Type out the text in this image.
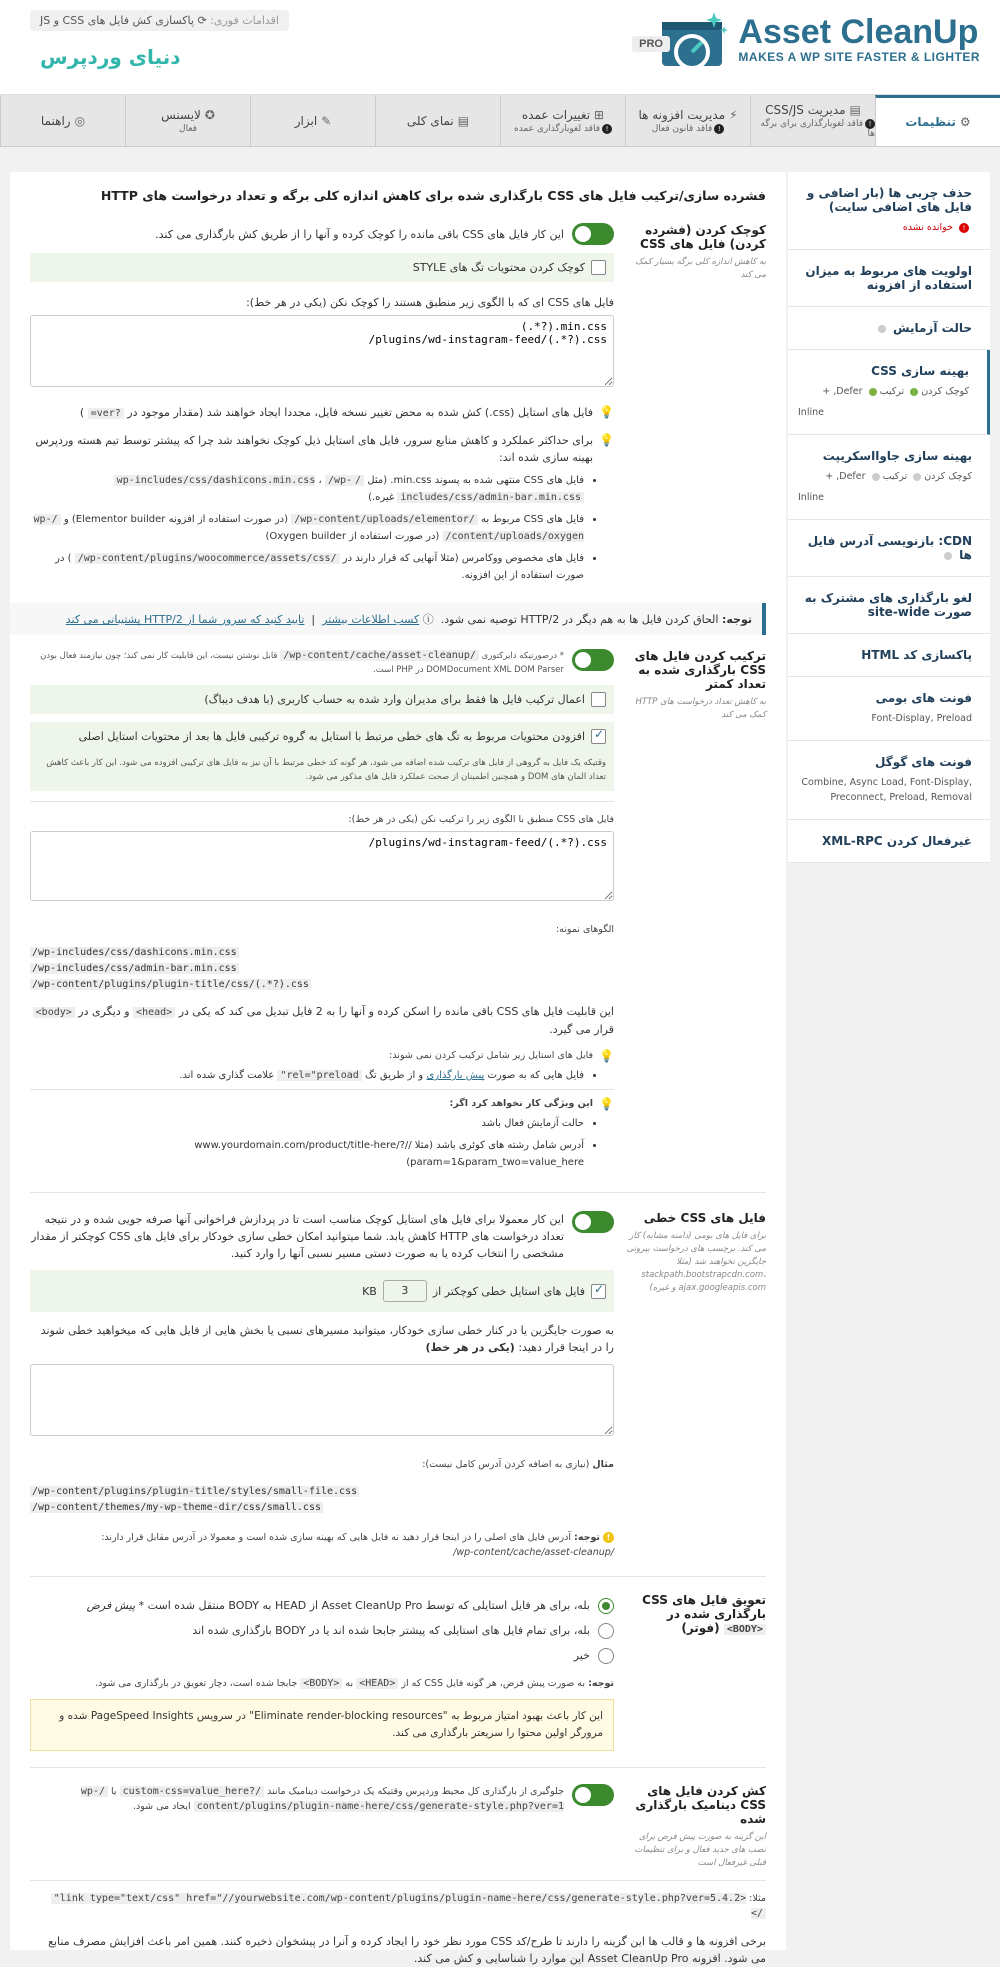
Asset CleanUp
MAKES A WP SITE FASTER & LIGHTER
PRO
اقدامات فوری: ⟳ پاکسازی کش فایل های CSS و JS
دنیای وردپرس
⚙تنظیمات
▤مدیریت CSS/JS
!فاقد لغوبارگذاری برای برگه ها
⚡مدیریت افزونه ها
!فاقد قانون فعال
⊞تغییرات عمده
!فاقد لغوبارگذاری عمده
▤نمای کلی
✎ابزار
✪لایسنس
فعال
◎راهنما
حذف چربی ها (بار اضافی و فایل های اضافی سایت)
! خوانده نشده
اولویت های مربوط به میزان استفاده از افزونه
حالت آزمایش
بهینه سازی CSS
کوچک کردن ترکیب Defer, +
Inline
بهینه سازی جاوااسکریپت
کوچک کردن ترکیب Defer, +
Inline
CDN: بازنویسی آدرس فایل ها
لغو بارگذاری های مشترک به صورت site-wide
پاکسازی کد HTML
فونت های بومی
Font-Display, Preload
فونت های گوگل
Combine, Async Load, Font-Display, Preconnect, Preload, Removal
غیرفعال کردن XML-RPC
فشرده سازی/ترکیب فایل های CSS بارگذاری شده برای کاهش اندازه کلی برگه و تعداد درخواست های HTTP
کوچک کردن (فشرده کردن) فایل های CSS
به کاهش اندازه کلی برگه بسیار کمک می کند
این کار فایل های CSS باقی مانده را کوچک کرده و آنها را از طریق کش بارگذاری می کند.
کوچک کردن محتویات تگ های STYLE
فایل های CSS ای که با الگوی زیر منطبق هستند را کوچک نکن (یکی در هر خط):
(.*?).min.css /plugins/wd-instagram-feed/(.*?).css
💡
فایل های استایل (css.) کش شده به محض تغییر نسخه فایل، مجددا ایجاد خواهند شد (مقدار موجود در ?ver= )
💡
برای حداکثر عملکرد و کاهش منابع سرور، فایل های استایل ذیل کوچک نخواهند شد چرا که پیشتر توسط تیم هسته وردپرس بهینه سازی شده اند:
• فایل های CSS منتهی شده به پسوند min.css. (مثل /wp-includes/css/dashicons.min.css ، /wp- includes/css/admin-bar.min.css غیره.)
• فایل های CSS مربوط به /wp-content/uploads/elementor/ (در صورت استفاده از افزونه Elementor builder) و /wp-content/uploads/oxygen/ (در صورت استفاده از Oxygen builder)
• فایل های مخصوص ووکامرس (مثلا آنهایی که قرار دارند در /wp-content/plugins/woocommerce/assets/css/ ) در صورت استفاده از این افزونه.
توجه: الحاق کردن فایل ها به هم دیگر در HTTP/2 توصیه نمی شود.  ⓘ کسب اطلاعات بیشتر  |  تایید کنید که سرور شما از HTTP/2 پشتیبانی می کند
ترکیب کردن فایل های CSS بارگذاری شده به تعداد کمتر
به کاهش تعداد درخواست های HTTP کمک می کند
* درصورتیکه دایرکتوری /wp-content/cache/asset-cleanup/ قابل نوشتن نیست، این قابلیت کار نمی کند؛ چون نیازمند فعال بودن DOMDocument XML DOM Parser در PHP است.
اعمال ترکیب فایل ها فقط برای مدیران وارد شده به حساب کاربری (با هدف دیباگ)
✓
افزودن محتویات مربوط به تگ های خطی مرتبط با استایل به گروه ترکیبی فایل ها بعد از محتویات استایل اصلی
وقتیکه یک فایل به گروهی از فایل های ترکیب شده اضافه می شود، هر گونه کد خطی مرتبط با آن نیز به فایل های ترکیبی افزوده می شود. این کار باعث کاهش تعداد المان های DOM و همچنین اطمینان از صحت عملکرد فایل های مذکور می شود.
فایل های CSS منطبق با الگوی زیر را ترکیب نکن (یکی در هر خط):
/plugins/wd-instagram-feed/(.*?).css
الگوهای نمونه:
/wp-includes/css/dashicons.min.css
/wp-includes/css/admin-bar.min.css
/wp-content/plugins/plugin-title/css/(.*?).css
این قابلیت فایل های CSS باقی مانده را اسکن کرده و آنها را به 2 فایل تبدیل می کند که یکی در <head> و دیگری در <body> قرار می گیرد.
💡
فایل های استایل زیر شامل ترکیب کردن نمی شوند:
• فایل هایی که به صورت پیش بارگذاری و از طریق تگ rel="preload" علامت گذاری شده اند.
💡
این ویژگی کار نخواهد کرد اگر:
• حالت آزمایش فعال باشد
• آدرس شامل رشته های کوئری باشد (مثلا //www.yourdomain.com/product/title-here/?param=1&param_two=value_here)
فایل های CSS خطی
برای فایل های بومی (دامنه مشابه) کار می کند. برچسب های درخواست بیرونی جایگزین نخواهند شد (مثلا stackpath.bootstrapcdn.com، ajax.googleapis.com و غیره)
این کار معمولا برای فایل های استایل کوچک مناسب است تا در پردازش فراخوانی آنها صرفه جویی شده و در نتیجه تعداد درخواست های HTTP کاهش یابد. شما میتوانید امکان خطی سازی خودکار برای فایل های CSS کوچکتر از مقدار مشخصی را انتخاب کرده یا به صورت دستی مسیر نسبی آنها را وارد کنید.
✓
فایل های استایل خطی کوچکتر از
3
KB
به صورت جایگزین یا در کنار خطی سازی خودکار، میتوانید مسیرهای نسبی یا بخش هایی از فایل هایی که میخواهید خطی شوند را در اینجا قرار دهید: (یکی در هر خط)
مثال (نیازی به اضافه کردن آدرس کامل نیست):
/wp-content/plugins/plugin-title/styles/small-file.css
/wp-content/themes/my-wp-theme-dir/css/small.css
! توجه: آدرس فایل های اصلی را در اینجا قرار دهید نه فایل هایی که بهینه سازی شده است و معمولا در آدرس مقابل قرار دارند: /wp-content/cache/asset-cleanup/
تعویق فایل های CSS بارگذاری شده در <BODY> (فوتر)
بله، برای هر فایل استایلی که توسط Asset CleanUp Pro از HEAD به BODY منتقل شده است * پیش فرض
بله، برای تمام فایل های استایلی که پیشتر جابجا شده اند یا در BODY بارگذاری شده اند
خیر
توجه: به صورت پیش فرض، هر گونه فایل CSS که از <HEAD> به <BODY> جابجا شده است، دچار تعویق در بارگذاری می شود.
این کار باعث بهبود امتیاز مربوط به "Eliminate render-blocking resources" در سرویس PageSpeed Insights شده و مرورگر اولین محتوا را سریعتر بارگذاری می کند.
کش کردن فایل های CSS دینامیک بارگذاری شده
این گزینه به صورت پیش فرض برای نصب های جدید فعال و برای تنظیمات قبلی غیرفعال است
جلوگیری از بارگذاری کل محیط وردپرس وقتیکه یک درخواست دینامیک مانند /?custom-css=value_here یا /wp-content/plugins/plugin-name-here/css/generate-style.php?ver=1 ایجاد می شود.
مثلا: <link type="text/css" href="//yourwebsite.com/wp-content/plugins/plugin-name-here/css/generate-style.php?ver=5.4.2" />
برخی افزونه ها و قالب ها این گزینه را دارند تا طرح/کد CSS مورد نظر خود را ایجاد کرده و آنرا در پیشخوان ذخیره کنند. همین امر باعث افزایش مصرف منابع می شود. افزونه Asset CleanUp Pro این موارد را شناسایی و کش می کند.
